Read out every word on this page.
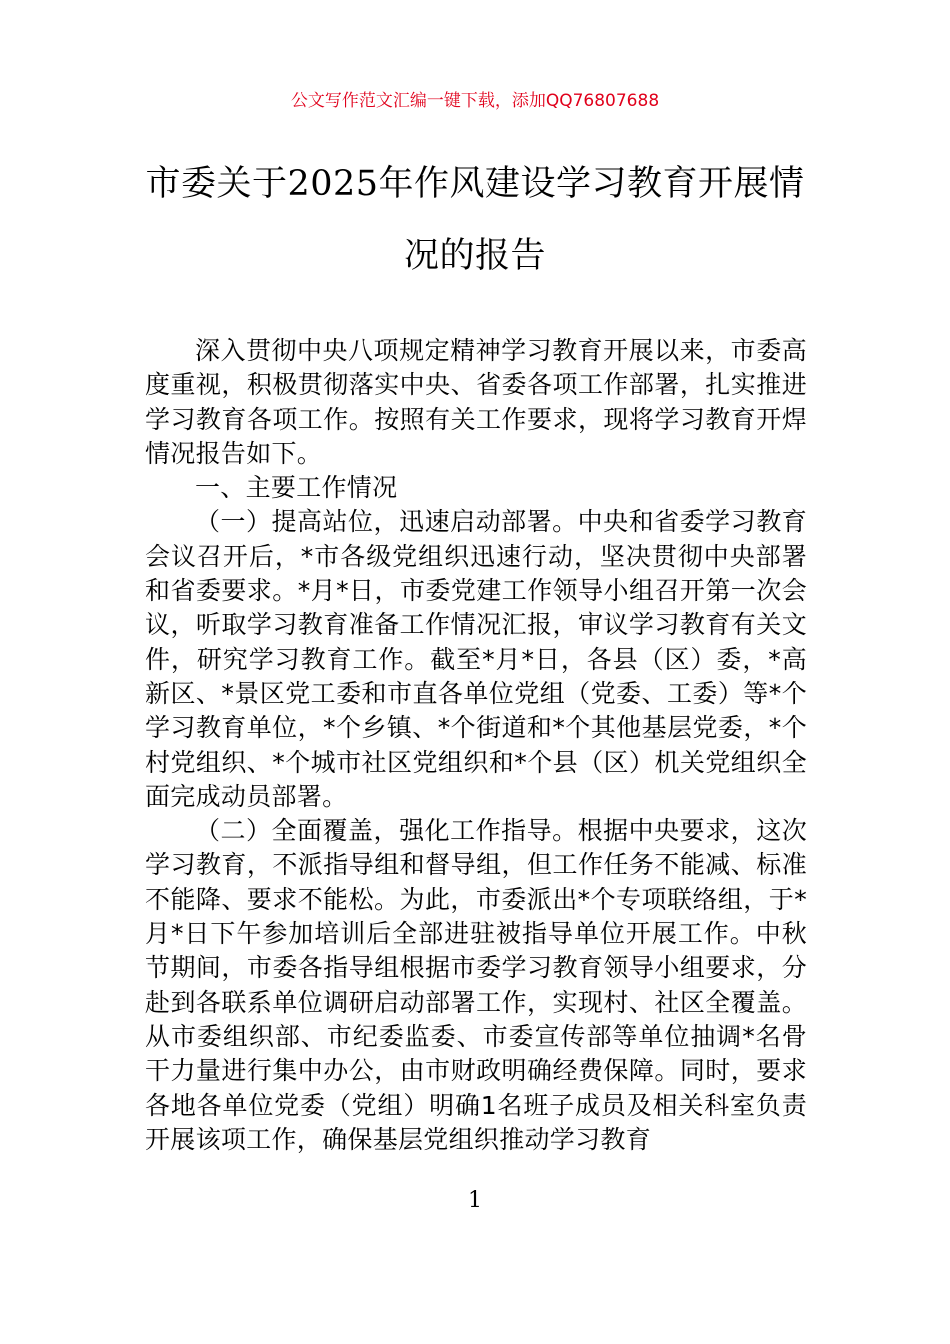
公文写作范文汇编一键下载，添加QQ76807688
市委关于2025年作风建设学习教育开展情况的报告

深入贯彻中央八项规定精神学习教育开展以来，市委高度重视，积极贯彻落实中央、省委各项工作部署，扎实推进学习教育各项工作。按照有关工作要求，现将学习教育开焊情况报告如下。

一、主要工作情况

（一）提高站位，迅速启动部署。中央和省委学习教育会议召开后，*市各级党组织迅速行动，坚决贯彻中央部署和省委要求。*月*日，市委党建工作领导小组召开第一次会议，听取学习教育准备工作情况汇报，审议学习教育有关文件，研究学习教育工作。截至*月*日，各县（区）委，*高新区、*景区党工委和市直各单位党组（党委、工委）等*个学习教育单位，*个乡镇、*个街道和*个其他基层党委，*个村党组织、*个城市社区党组织和*个县（区）机关党组织全面完成动员部署。

（二）全面覆盖，强化工作指导。根据中央要求，这次学习教育，不派指导组和督导组，但工作任务不能减、标准不能降、要求不能松。为此，市委派出*个专项联络组，于*月*日下午参加培训后全部进驻被指导单位开展工作。中秋节期间，市委各指导组根据市委学习教育领导小组要求，分赴到各联系单位调研启动部署工作，实现村、社区全覆盖。从市委组织部、市纪委监委、市委宣传部等单位抽调*名骨干力量进行集中办公，由市财政明确经费保障。同时，要求各地各单位党委（党组）明确1名班子成员及相关科室负责开展该项工作，确保基层党组织推动学习教育

1
